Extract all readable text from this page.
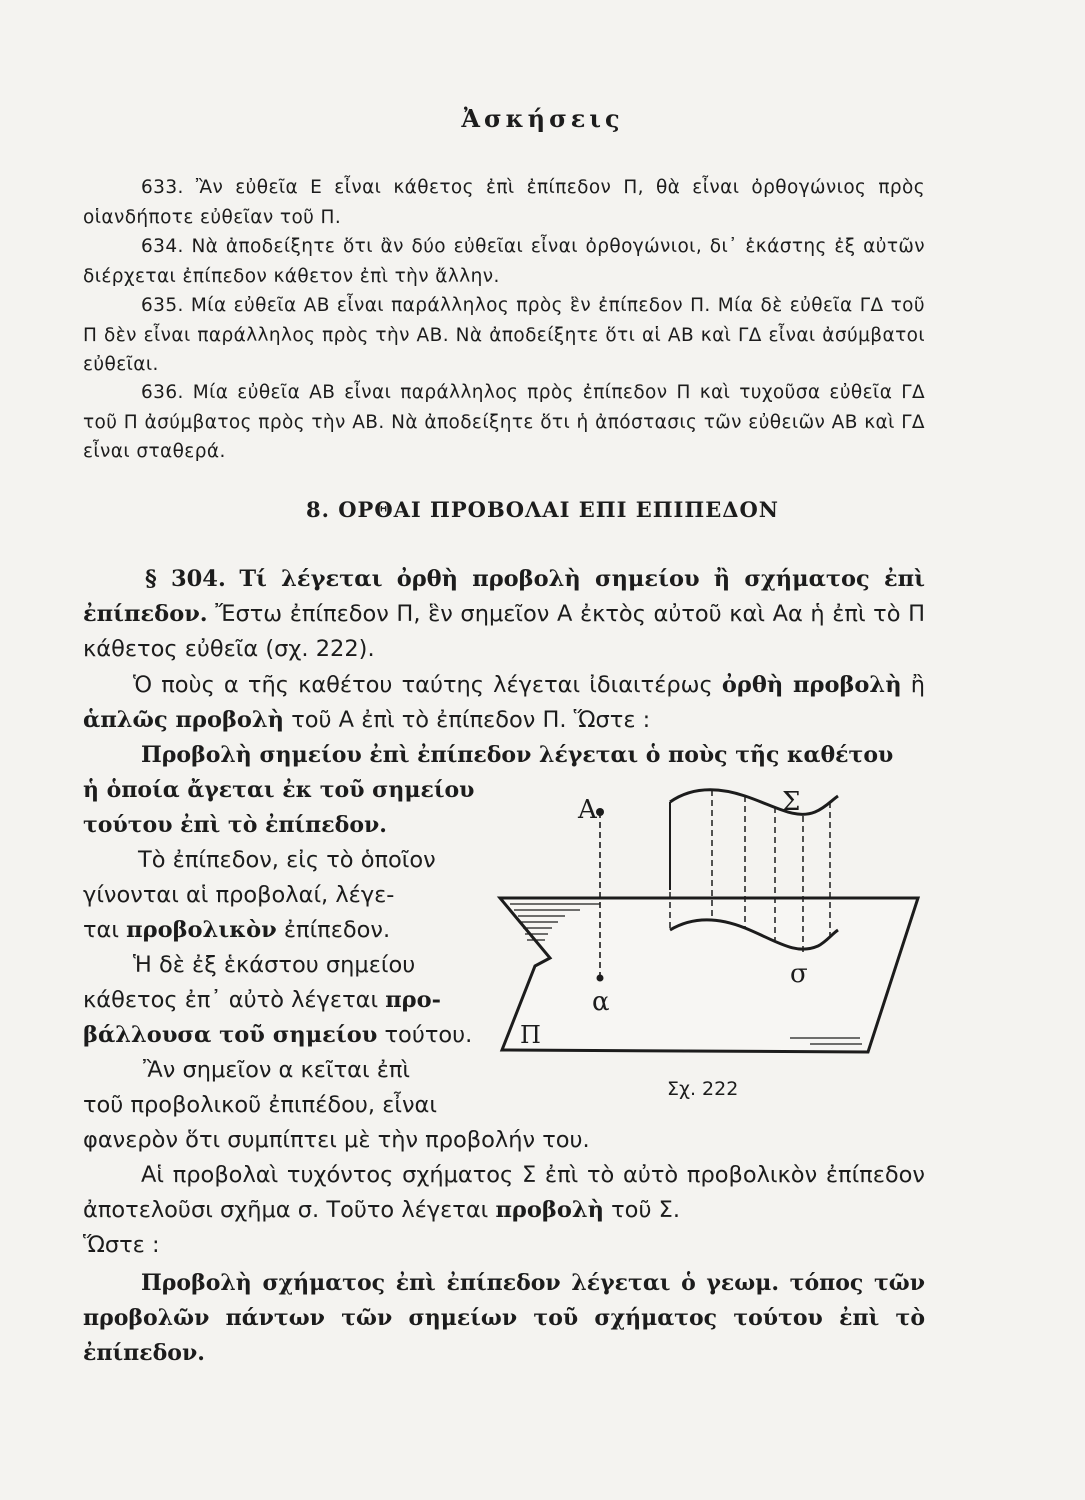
Ἀσκήσεις
633. Ἂν εὐθεῖα Ε εἶναι κάθετος ἐπὶ ἐπίπεδον Π, θὰ εἶναι ὀρθογώνιος πρὸς οἱανδήποτε εὐθεῖαν τοῦ Π.
634. Νὰ ἀποδείξητε ὅτι ἂν δύο εὐθεῖαι εἶναι ὀρθογώνιοι, δι᾿ ἑκάστης ἐξ αὐτῶν διέρχεται ἐπίπεδον κάθετον ἐπὶ τὴν ἄλλην.
635. Μία εὐθεῖα ΑΒ εἶναι παράλληλος πρὸς ἓν ἐπίπεδον Π. Μία δὲ εὐθεῖα ΓΔ τοῦ Π δὲν εἶναι παράλληλος πρὸς τὴν ΑΒ. Νὰ ἀποδείξητε ὅτι αἱ ΑΒ καὶ ΓΔ εἶναι ἀσύμβατοι εὐθεῖαι.
636. Μία εὐθεῖα ΑΒ εἶναι παράλληλος πρὸς ἐπίπεδον Π καὶ τυχοῦσα εὐθεῖα ΓΔ τοῦ Π ἀσύμβατος πρὸς τὴν ΑΒ. Νὰ ἀποδείξητε ὅτι ἡ ἀπόστασις τῶν εὐθειῶν ΑΒ καὶ ΓΔ εἶναι σταθερά.
8. ΟΡΘΑΙ ΠΡΟΒΟΛΑΙ ΕΠΙ ΕΠΙΠΕΔΟΝ
§ 304. Τί λέγεται ὀρθὴ προβολὴ σημείου ἢ σχήματος ἐπὶ ἐπίπεδον. Ἔστω ἐπίπεδον Π, ἓν σημεῖον Α ἐκτὸς αὐτοῦ καὶ Αα ἡ ἐπὶ τὸ Π κάθετος εὐθεῖα (σχ. 222).
Ὁ ποὺς α τῆς καθέτου ταύτης λέγεται ἰδιαιτέρως ὀρθὴ προβολὴ ἢ ἁπλῶς προβολὴ τοῦ Α ἐπὶ τὸ ἐπίπεδον Π. Ὥστε :
Προβολὴ σημείου ἐπὶ ἐπίπεδον λέγεται ὁ ποὺς τῆς καθέτου
ἡ ὁποία ἄγεται ἐκ τοῦ σημείου
τούτου ἐπὶ τὸ ἐπίπεδον.
Τὸ ἐπίπεδον, εἰς τὸ ὁποῖον
γίνονται αἱ προβολαί, λέγε-
ται προβολικὸν ἐπίπεδον.
Ἡ δὲ ἐξ ἑκάστου σημείου
κάθετος ἐπ᾿ αὐτὸ λέγεται προ-
βάλλουσα τοῦ σημείου τούτου.
Ἂν σημεῖον α κεῖται ἐπὶ
τοῦ προβολικοῦ ἐπιπέδου, εἶναι
φανερὸν ὅτι συμπίπτει μὲ τὴν προβολήν του.
Αἱ προβολαὶ τυχόντος σχήματος Σ ἐπὶ τὸ αὐτὸ προβολικὸν ἐπίπεδον ἀποτελοῦσι σχῆμα σ. Τοῦτο λέγεται προβολὴ τοῦ Σ.
Ὥστε :
Προβολὴ σχήματος ἐπὶ ἐπίπεδον λέγεται ὁ γεωμ. τόπος τῶν προβολῶν πάντων τῶν σημείων τοῦ σχήματος τούτου ἐπὶ τὸ ἐπίπεδον.
Α	Σ
α
σ
Π
Σχ. 222
